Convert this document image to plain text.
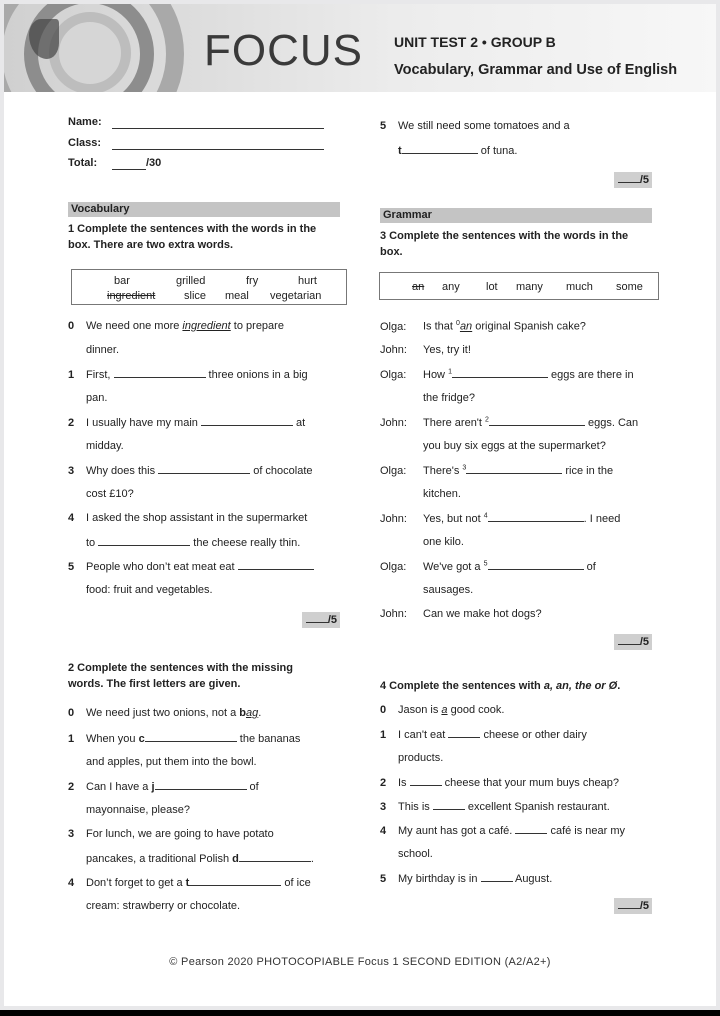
FOCUS UNIT TEST 2 • GROUP B
Vocabulary, Grammar and Use of English
Name:
Class:
Total:	/30
Vocabulary
1 Complete the sentences with the words in the
box. There are two extra words.
bar	grilled	fry	hurt
ingredient	slice meal vegetarian
0 We need one more ingredient to prepare
dinner.
1 First,	three onions in a big
pan.
2 I usually have my main	at
midday.
3 Why does this	of chocolate
cost £10?
4 I asked the shop assistant in the supermarket
to	the cheese really thin.
5 People who don’t eat meat eat
food: fruit and vegetables.
/5
2 Complete the sentences with the missing
words. The first letters are given.
0 We need just two onions, not a bag.
1 When you c	the bananas
and apples, put them into the bowl.
2 Can I have a j	of
mayonnaise, please?
3 For lunch, we are going to have potato
pancakes, a traditional Polish d	.
4 Don’t forget to get a t	of ice
cream: strawberry or chocolate.
5 We still need some tomatoes and a
t	of tuna.
/5
Grammar
3 Complete the sentences with the words in the
box.
an any lot many much some
Olga: Is that $^0$an original Spanish cake?
John: Yes, try it!
Olga: How $^1$	eggs are there in
the fridge?
John: There aren't $^2$	eggs. Can
you buy six eggs at the supermarket?
Olga: There's $^3$	rice in the
kitchen.
John: Yes, but not $^4$	. I need
one kilo.
Olga: We've got a $^5$	of
sausages.
John: Can we make hot dogs?
/5
4 Complete the sentences with a, an, the or Ø.
0 Jason is a good cook.
1 I can't eat	cheese or other dairy
products.
2 Is	cheese that your mum buys cheap?
3 This is	excellent Spanish restaurant.
4 My aunt has got a café.	café is near my
school.
5 My birthday is in	August.
/5
© Pearson 2020 PHOTOCOPIABLE Focus 1 SECOND EDITION (A2/A2+)
